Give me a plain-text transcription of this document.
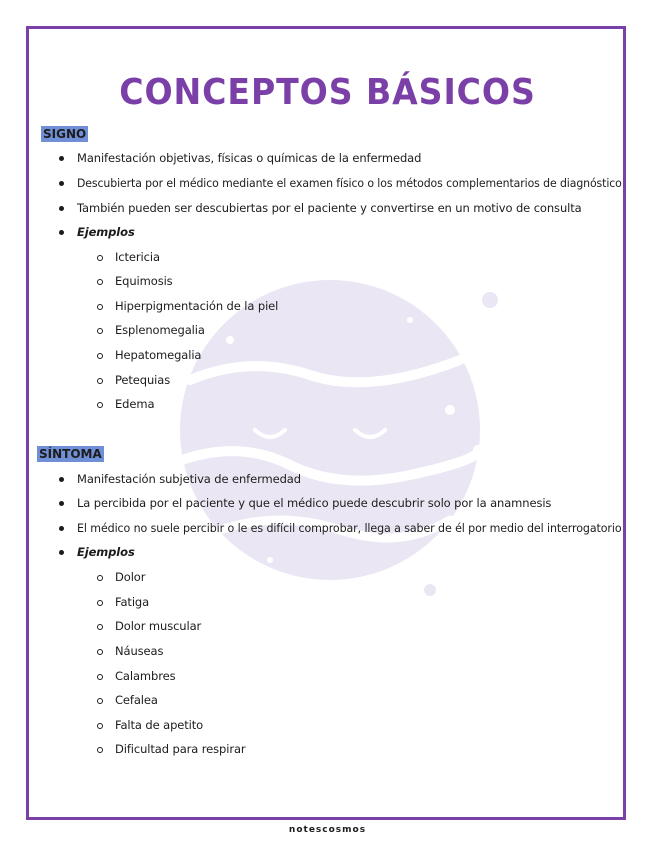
CONCEPTOS BÁSICOS
SIGNO
Manifestación objetivas, físicas o químicas de la enfermedad
Descubierta por el médico mediante el examen físico o los métodos complementarios de diagnóstico
También pueden ser descubiertas por el paciente y convertirse en un motivo de consulta
Ejemplos
Ictericia
Equimosis
Hiperpigmentación de la piel
Esplenomegalia
Hepatomegalia
Petequias
Edema
SÍNTOMA
Manifestación subjetiva de enfermedad
La percibida por el paciente y que el médico puede descubrir solo por la anamnesis
El médico no suele percibir o le es difícil comprobar, llega a saber de él por medio del interrogatorio
Ejemplos
Dolor
Fatiga
Dolor muscular
Náuseas
Calambres
Cefalea
Falta de apetito
Dificultad para respirar
notescosmos
